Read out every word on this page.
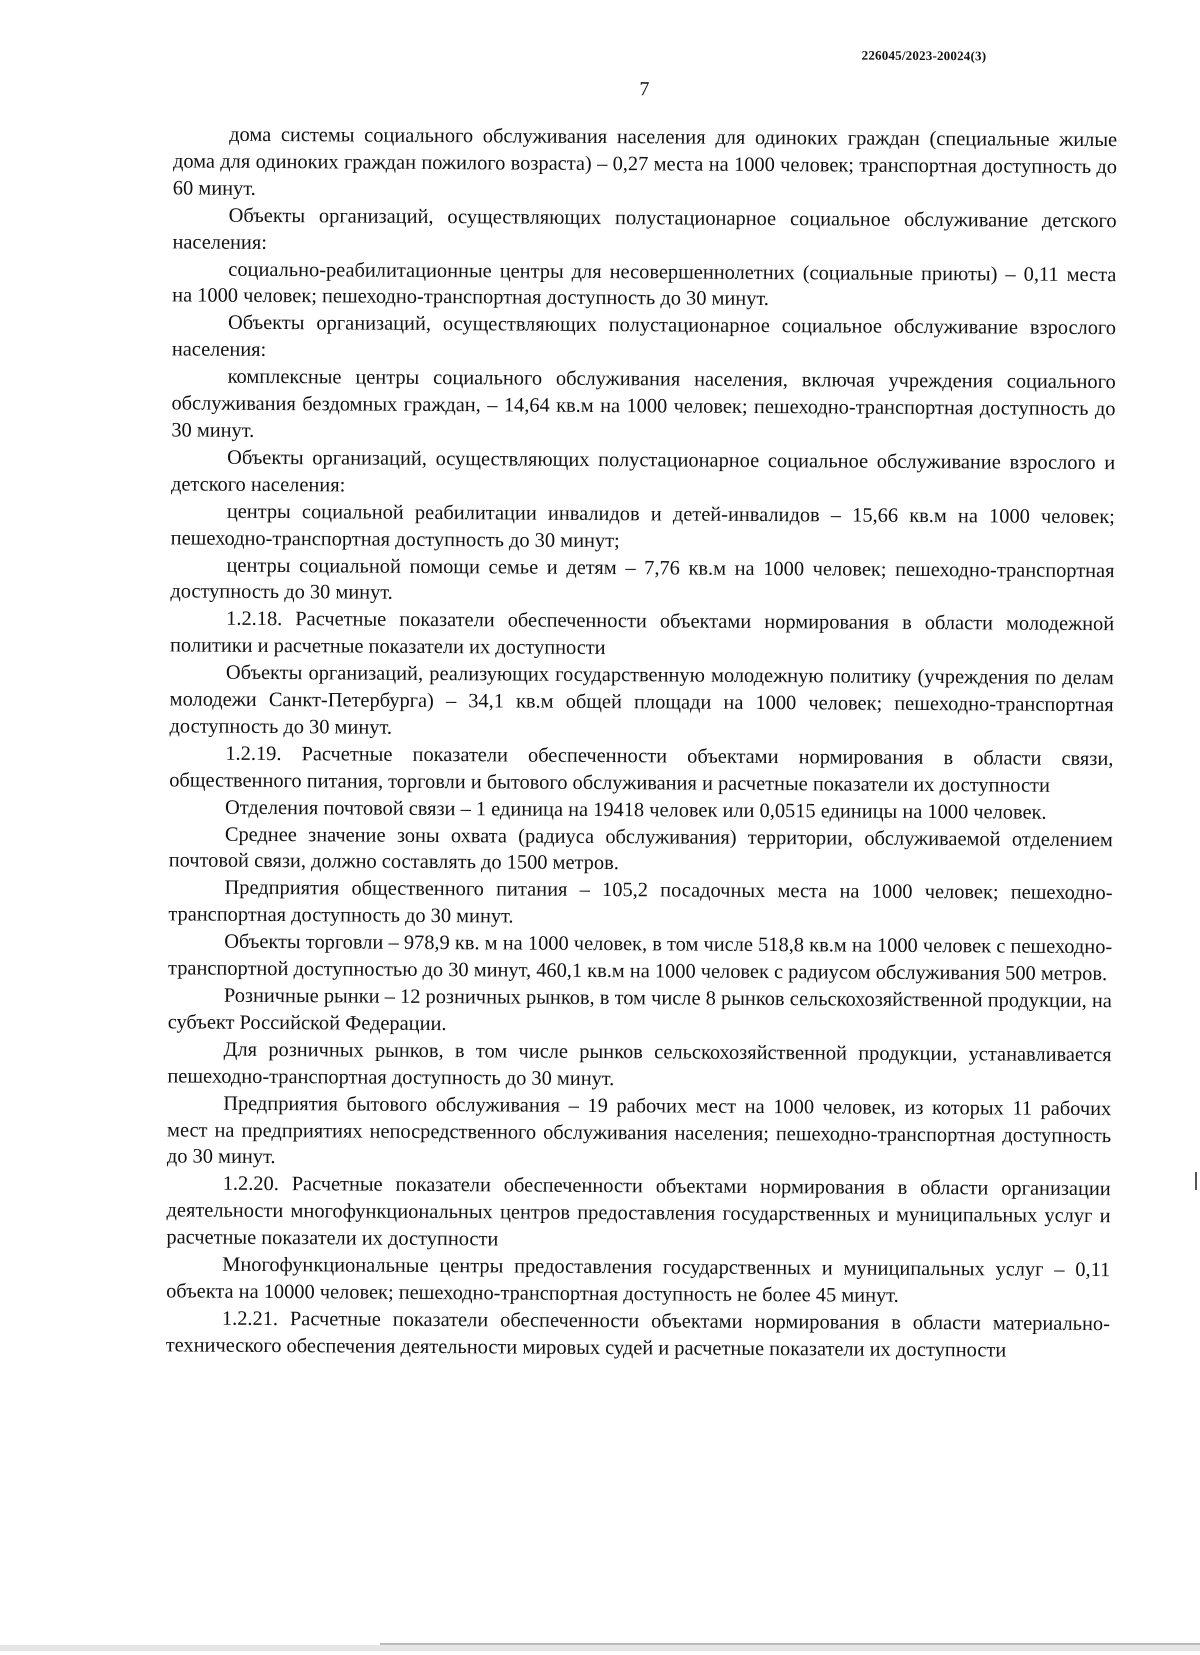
226045/2023-20024(3)
7

дома системы социального обслуживания населения для одиноких граждан (специальные жилые дома для одиноких граждан пожилого возраста) – 0,27 места на 1000 человек; транспортная доступность до 60 минут.

Объекты организаций, осуществляющих полустационарное социальное обслуживание детского населения:

социально-реабилитационные центры для несовершеннолетних (социальные приюты) – 0,11 места на 1000 человек; пешеходно-транспортная доступность до 30 минут.

Объекты организаций, осуществляющих полустационарное социальное обслуживание взрослого населения:

комплексные центры социального обслуживания населения, включая учреждения социального обслуживания бездомных граждан, – 14,64 кв.м на 1000 человек; пешеходно-транспортная доступность до 30 минут.

Объекты организаций, осуществляющих полустационарное социальное обслуживание взрослого и детского населения:

центры социальной реабилитации инвалидов и детей-инвалидов – 15,66 кв.м на 1000 человек; пешеходно-транспортная доступность до 30 минут;

центры социальной помощи семье и детям – 7,76 кв.м на 1000 человек; пешеходно-транспортная доступность до 30 минут.

1.2.18. Расчетные показатели обеспеченности объектами нормирования в области молодежной политики и расчетные показатели их доступности

Объекты организаций, реализующих государственную молодежную политику (учреждения по делам молодежи Санкт-Петербурга) – 34,1 кв.м общей площади на 1000 человек; пешеходно-транспортная доступность до 30 минут.

1.2.19. Расчетные показатели обеспеченности объектами нормирования в области связи, общественного питания, торговли и бытового обслуживания и расчетные показатели их доступности

Отделения почтовой связи – 1 единица на 19418 человек или 0,0515 единицы на 1000 человек.

Среднее значение зоны охвата (радиуса обслуживания) территории, обслуживаемой отделением почтовой связи, должно составлять до 1500 метров.

Предприятия общественного питания – 105,2 посадочных места на 1000 человек; пешеходно-транспортная доступность до 30 минут.

Объекты торговли – 978,9 кв. м на 1000 человек, в том числе 518,8 кв.м на 1000 человек с пешеходно-транспортной доступностью до 30 минут, 460,1 кв.м на 1000 человек с радиусом обслуживания 500 метров.

Розничные рынки – 12 розничных рынков, в том числе 8 рынков сельскохозяйственной продукции, на субъект Российской Федерации.

Для розничных рынков, в том числе рынков сельскохозяйственной продукции, устанавливается пешеходно-транспортная доступность до 30 минут.

Предприятия бытового обслуживания – 19 рабочих мест на 1000 человек, из которых 11 рабочих мест на предприятиях непосредственного обслуживания населения; пешеходно-транспортная доступность до 30 минут.

1.2.20. Расчетные показатели обеспеченности объектами нормирования в области организации деятельности многофункциональных центров предоставления государственных и муниципальных услуг и расчетные показатели их доступности

Многофункциональные центры предоставления государственных и муниципальных услуг – 0,11 объекта на 10000 человек; пешеходно-транспортная доступность не более 45 минут.

1.2.21. Расчетные показатели обеспеченности объектами нормирования в области материально-технического обеспечения деятельности мировых судей и расчетные показатели их доступности
